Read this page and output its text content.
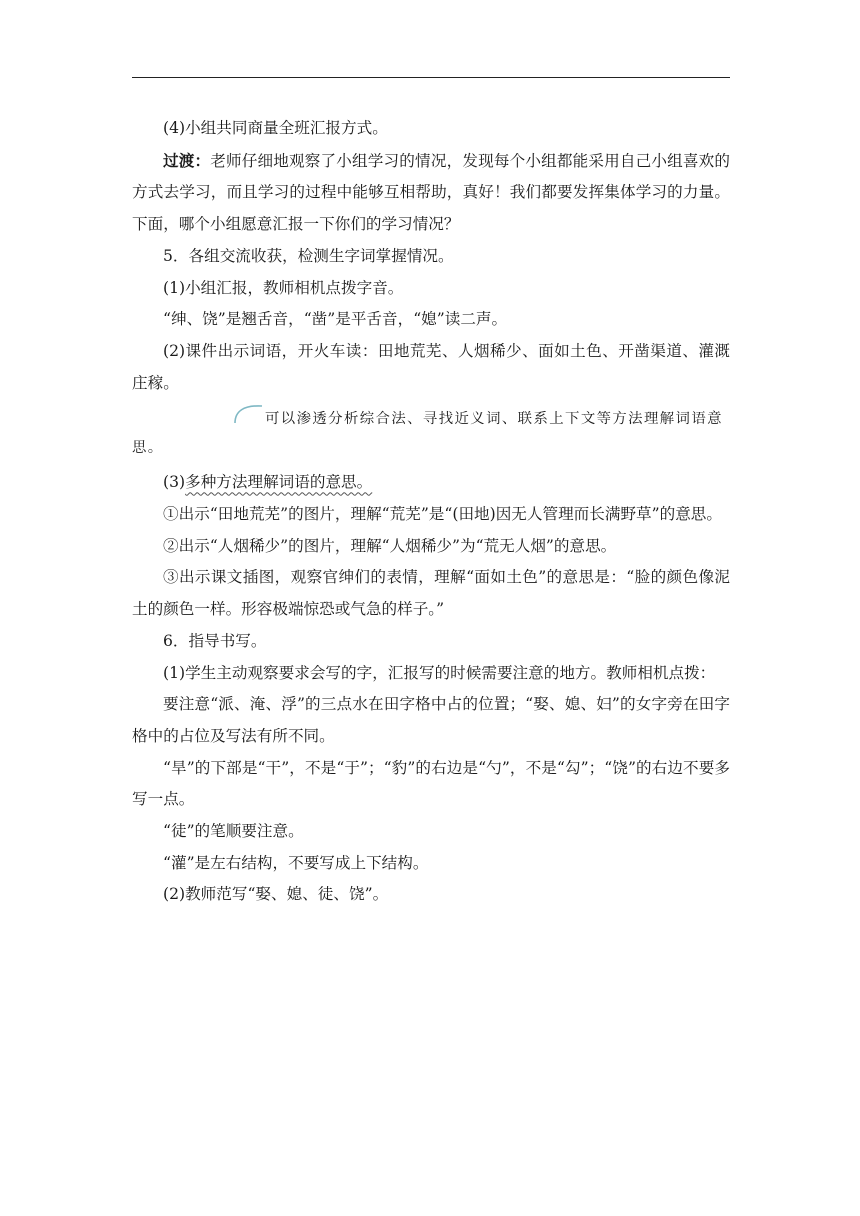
(4)小组共同商量全班汇报方式。

过渡：老师仔细地观察了小组学习的情况，发现每个小组都能采用自己小组喜欢的方式去学习，而且学习的过程中能够互相帮助，真好！我们都要发挥集体学习的力量。下面，哪个小组愿意汇报一下你们的学习情况？

5．各组交流收获，检测生字词掌握情况。

(1)小组汇报，教师相机点拨字音。

“绅、饶”是翘舌音，“凿”是平舌音，“媳”读二声。

(2)课件出示词语，开火车读：田地荒芜、人烟稀少、面如土色、开凿渠道、灌溉庄稼。

可以渗透分析综合法、寻找近义词、联系上下文等方法理解词语意思。

(3)多种方法理解词语的意思。

①出示“田地荒芜”的图片，理解“荒芜”是“(田地)因无人管理而长满野草”的意思。

②出示“人烟稀少”的图片，理解“人烟稀少”为“荒无人烟”的意思。

③出示课文插图，观察官绅们的表情，理解“面如土色”的意思是：“脸的颜色像泥土的颜色一样。形容极端惊恐或气急的样子。”

6．指导书写。

(1)学生主动观察要求会写的字，汇报写的时候需要注意的地方。教师相机点拨：

要注意“派、淹、浮”的三点水在田字格中占的位置；“娶、媳、妇”的女字旁在田字格中的占位及写法有所不同。

“旱”的下部是“干”，不是“于”；“豹”的右边是“勺”，不是“勾”；“饶”的右边不要多写一点。

“徒”的笔顺要注意。

“灌”是左右结构，不要写成上下结构。

(2)教师范写“娶、媳、徒、饶”。
